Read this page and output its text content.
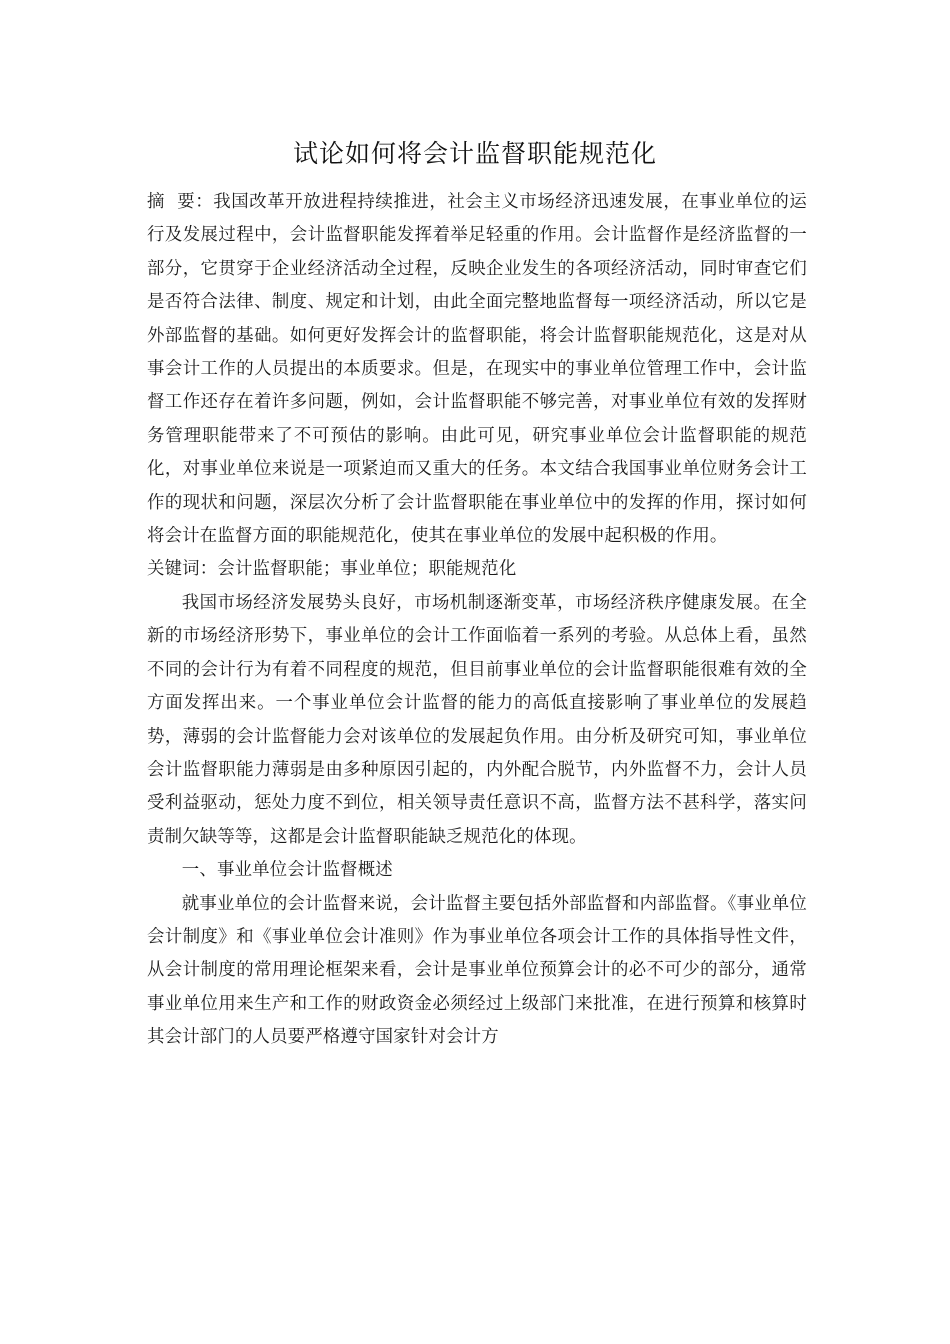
试论如何将会计监督职能规范化

摘  要：我国改革开放进程持续推进，社会主义市场经济迅速发展，在事业单位的运行及发展过程中，会计监督职能发挥着举足轻重的作用。会计监督作是经济监督的一部分，它贯穿于企业经济活动全过程，反映企业发生的各项经济活动，同时审查它们是否符合法律、制度、规定和计划，由此全面完整地监督每一项经济活动，所以它是外部监督的基础。如何更好发挥会计的监督职能，将会计监督职能规范化，这是对从事会计工作的人员提出的本质要求。但是，在现实中的事业单位管理工作中，会计监督工作还存在着许多问题，例如，会计监督职能不够完善，对事业单位有效的发挥财务管理职能带来了不可预估的影响。由此可见，研究事业单位会计监督职能的规范化，对事业单位来说是一项紧迫而又重大的任务。本文结合我国事业单位财务会计工作的现状和问题，深层次分析了会计监督职能在事业单位中的发挥的作用，探讨如何将会计在监督方面的职能规范化，使其在事业单位的发展中起积极的作用。

关键词：会计监督职能；事业单位；职能规范化

我国市场经济发展势头良好，市场机制逐渐变革，市场经济秩序健康发展。在全新的市场经济形势下，事业单位的会计工作面临着一系列的考验。从总体上看，虽然不同的会计行为有着不同程度的规范，但目前事业单位的会计监督职能很难有效的全方面发挥出来。一个事业单位会计监督的能力的高低直接影响了事业单位的发展趋势，薄弱的会计监督能力会对该单位的发展起负作用。由分析及研究可知，事业单位会计监督职能力薄弱是由多种原因引起的，内外配合脱节，内外监督不力，会计人员受利益驱动，惩处力度不到位，相关领导责任意识不高，监督方法不甚科学，落实问责制欠缺等等，这都是会计监督职能缺乏规范化的体现。

一、事业单位会计监督概述

就事业单位的会计监督来说，会计监督主要包括外部监督和内部监督。《事业单位会计制度》和《事业单位会计准则》作为事业单位各项会计工作的具体指导性文件，从会计制度的常用理论框架来看，会计是事业单位预算会计的必不可少的部分，通常事业单位用来生产和工作的财政资金必须经过上级部门来批准，在进行预算和核算时其会计部门的人员要严格遵守国家针对会计方
